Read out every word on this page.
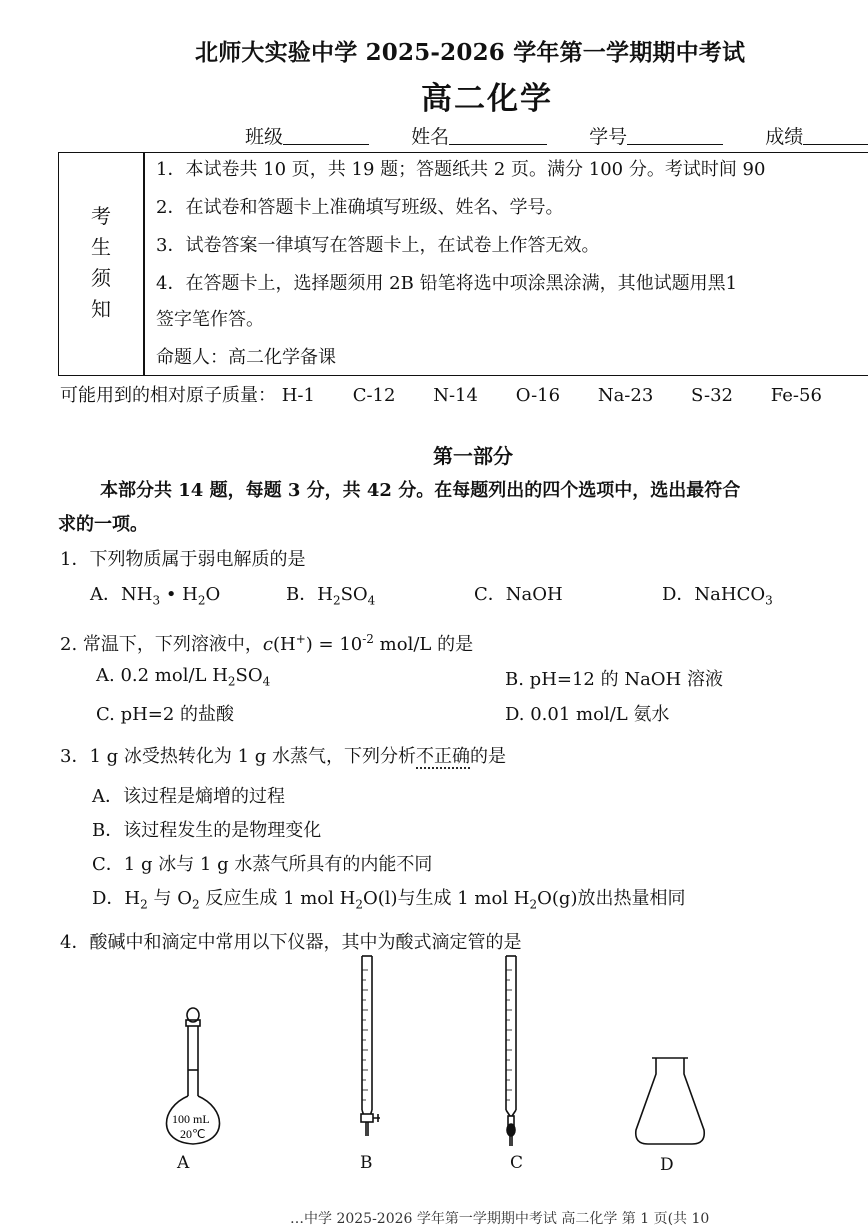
北师大实验中学 2025-2026 学年第一学期期中考试
高二化学
班级	姓名	学号	成绩
考
生
须
知
1．本试卷共 10 页，共 19 题；答题纸共 2 页。满分 100 分。考试时间 90
2．在试卷和答题卡上准确填写班级、姓名、学号。
3．试卷答案一律填写在答题卡上，在试卷上作答无效。
4．在答题卡上，选择题须用 2B 铅笔将选中项涂黑涂满，其他试题用黑1
签字笔作答。
命题人：高二化学备课
可能用到的相对原子质量： H-1 C-12 N-14 O-16 Na-23 S-32 Fe-56
第一部分
本部分共 14 题，每题 3 分，共 42 分。在每题列出的四个选项中，选出最符合
求的一项。
1．下列物质属于弱电解质的是
A．$NH_3$ • $H_2O$	B．$H_2SO_4$	C．NaOH	D．NaHCO$_3$
2. 常温下，下列溶液中，$c(H^+) = 10^{-2}$ mol/L 的是
A. 0.2 mol/L $H_2SO_4$	B. pH=12 的 NaOH 溶液
C. pH=2 的盐酸	D. 0.01 mol/L 氨水
3．1 g 冰受热转化为 1 g 水蒸气，下列分析不正确的是
A．该过程是熵增的过程
B．该过程发生的是物理变化
C．1 g 冰与 1 g 水蒸气所具有的内能不同
D．$H_2$ 与 $O_2$ 反应生成 1 mol $H_2O(l)$与生成 1 mol $H_2O(g)$放出热量相同
4．酸碱中和滴定中常用以下仪器，其中为酸式滴定管的是
100 mL
20℃
A	B	C	D
…中学 2025-2026 学年第一学期期中考试 高二化学 第 1 页(共 10
